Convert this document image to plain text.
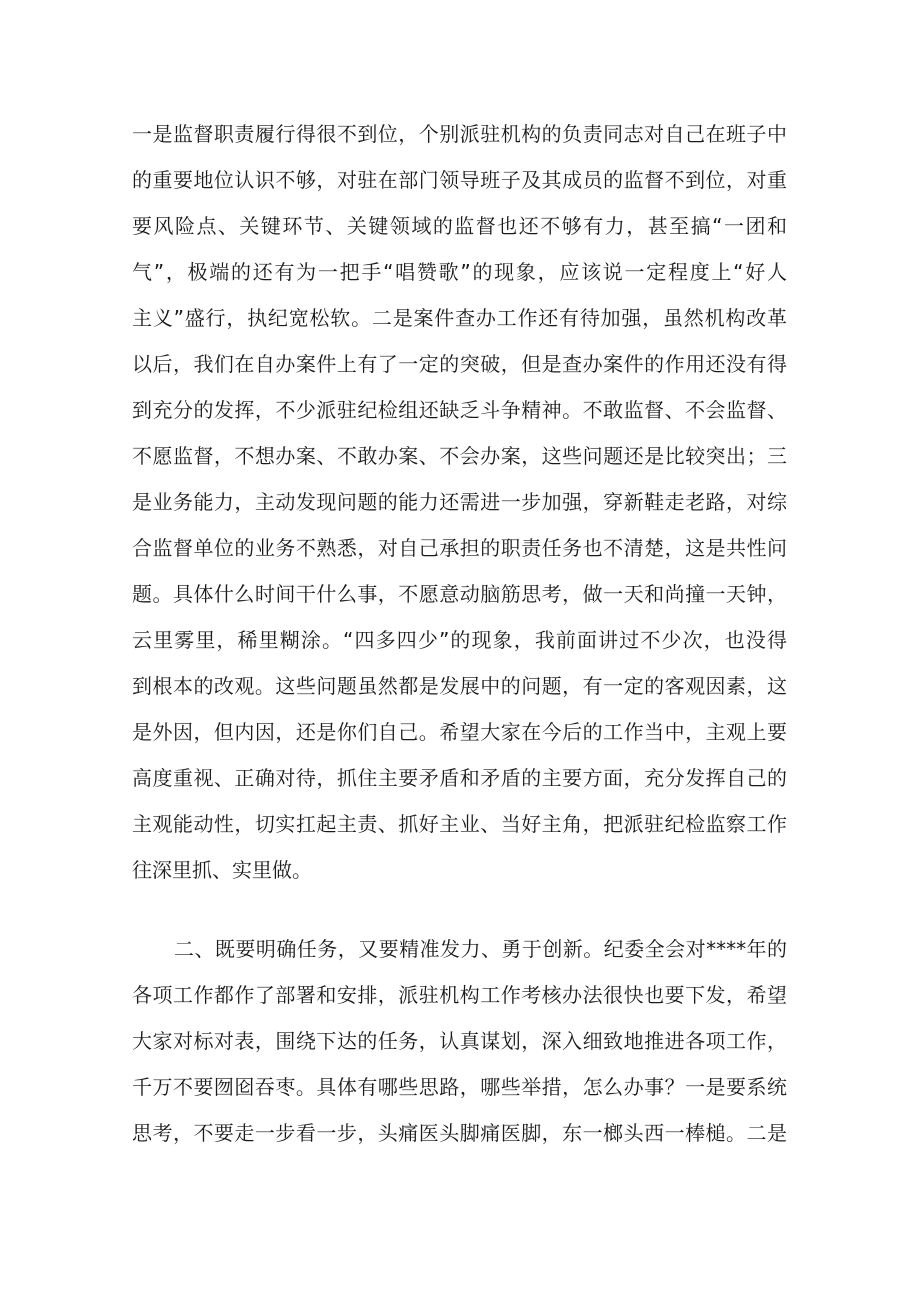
一是监督职责履行得很不到位，个别派驻机构的负责同志对自己在班子中
的重要地位认识不够，对驻在部门领导班子及其成员的监督不到位，对重
要风险点、关键环节、关键领域的监督也还不够有力，甚至搞“一团和
气”，极端的还有为一把手“唱赞歌”的现象，应该说一定程度上“好人
主义”盛行，执纪宽松软。二是案件查办工作还有待加强，虽然机构改革
以后，我们在自办案件上有了一定的突破，但是查办案件的作用还没有得
到充分的发挥，不少派驻纪检组还缺乏斗争精神。不敢监督、不会监督、
不愿监督，不想办案、不敢办案、不会办案，这些问题还是比较突出；三
是业务能力，主动发现问题的能力还需进一步加强，穿新鞋走老路，对综
合监督单位的业务不熟悉，对自己承担的职责任务也不清楚，这是共性问
题。具体什么时间干什么事，不愿意动脑筋思考，做一天和尚撞一天钟，
云里雾里，稀里糊涂。“四多四少”的现象，我前面讲过不少次，也没得
到根本的改观。这些问题虽然都是发展中的问题，有一定的客观因素，这
是外因，但内因，还是你们自己。希望大家在今后的工作当中，主观上要
高度重视、正确对待，抓住主要矛盾和矛盾的主要方面，充分发挥自己的
主观能动性，切实扛起主责、抓好主业、当好主角，把派驻纪检监察工作
往深里抓、实里做。
二、既要明确任务，又要精准发力、勇于创新。纪委全会对****年的
各项工作都作了部署和安排，派驻机构工作考核办法很快也要下发，希望
大家对标对表，围绕下达的任务，认真谋划，深入细致地推进各项工作，
千万不要囫囵吞枣。具体有哪些思路，哪些举措，怎么办事？一是要系统
思考，不要走一步看一步，头痛医头脚痛医脚，东一榔头西一棒槌。二是
